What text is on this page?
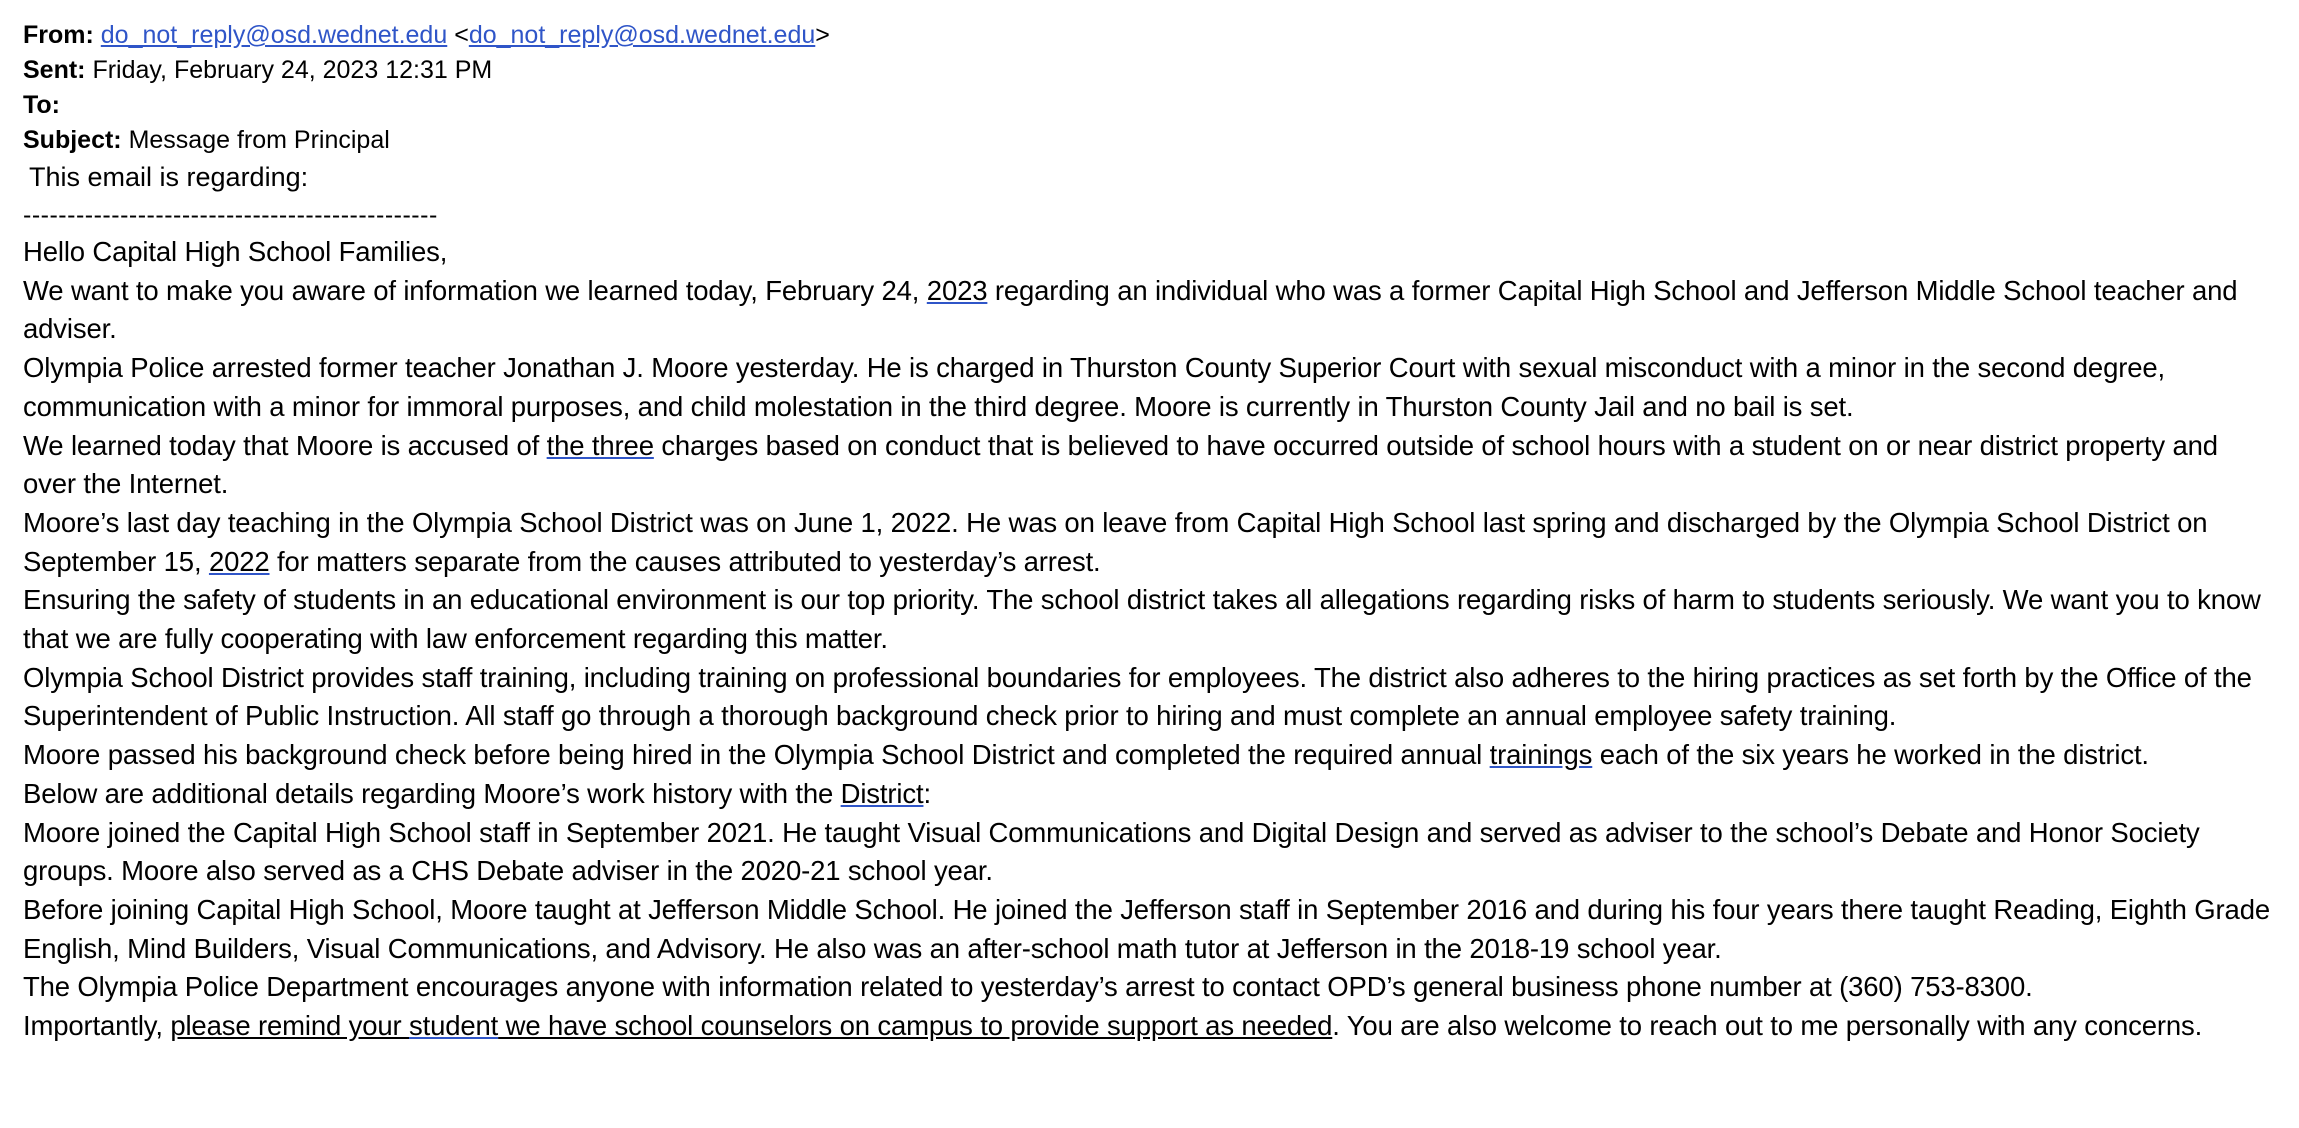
From: do_not_reply@osd.wednet.edu <do_not_reply@osd.wednet.edu>
Sent: Friday, February 24, 2023 12:31 PM
To:
Subject: Message from Principal
This email is regarding:
-----------------------------------------------

Hello Capital High School Families,

We want to make you aware of information we learned today, February 24, 2023 regarding an individual who was a former Capital High School and Jefferson Middle School teacher and adviser.

Olympia Police arrested former teacher Jonathan J. Moore yesterday. He is charged in Thurston County Superior Court with sexual misconduct with a minor in the second degree, communication with a minor for immoral purposes, and child molestation in the third degree. Moore is currently in Thurston County Jail and no bail is set.

We learned today that Moore is accused of the three charges based on conduct that is believed to have occurred outside of school hours with a student on or near district property and over the Internet.

Moore’s last day teaching in the Olympia School District was on June 1, 2022. He was on leave from Capital High School last spring and discharged by the Olympia School District on September 15, 2022 for matters separate from the causes attributed to yesterday’s arrest.

Ensuring the safety of students in an educational environment is our top priority. The school district takes all allegations regarding risks of harm to students seriously. We want you to know that we are fully cooperating with law enforcement regarding this matter.

Olympia School District provides staff training, including training on professional boundaries for employees. The district also adheres to the hiring practices as set forth by the Office of the Superintendent of Public Instruction. All staff go through a thorough background check prior to hiring and must complete an annual employee safety training.

Moore passed his background check before being hired in the Olympia School District and completed the required annual trainings each of the six years he worked in the district.

Below are additional details regarding Moore’s work history with the District:

Moore joined the Capital High School staff in September 2021. He taught Visual Communications and Digital Design and served as adviser to the school’s Debate and Honor Society groups. Moore also served as a CHS Debate adviser in the 2020-21 school year.

Before joining Capital High School, Moore taught at Jefferson Middle School. He joined the Jefferson staff in September 2016 and during his four years there taught Reading, Eighth Grade English, Mind Builders, Visual Communications, and Advisory. He also was an after-school math tutor at Jefferson in the 2018-19 school year.

The Olympia Police Department encourages anyone with information related to yesterday’s arrest to contact OPD’s general business phone number at (360) 753-8300.

Importantly, please remind your student we have school counselors on campus to provide support as needed. You are also welcome to reach out to me personally with any concerns.
